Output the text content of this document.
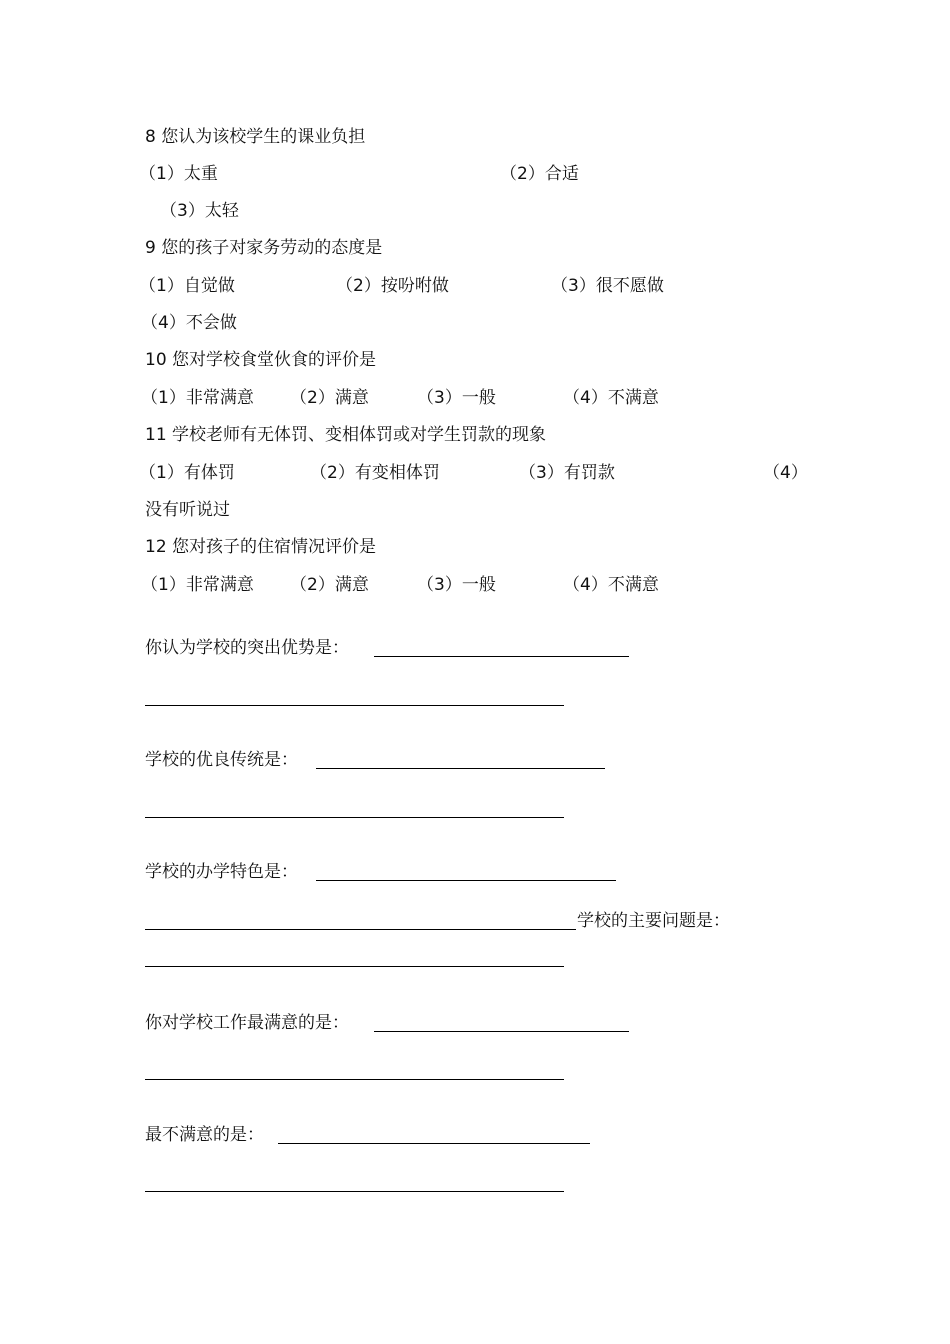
8 您认为该校学生的课业负担
（1）太重	（2）合适
（3）太轻
9 您的孩子对家务劳动的态度是
（1）自觉做	（2）按吩咐做	（3）很不愿做
（4）不会做
10 您对学校食堂伙食的评价是
（1）非常满意 （2）满意	（3）一般	（4）不满意
11 学校老师有无体罚、变相体罚或对学生罚款的现象
（1）有体罚	（2）有变相体罚	（3）有罚款	（4）
没有听说过
12 您对孩子的住宿情况评价是
（1）非常满意 （2）满意	（3）一般	（4）不满意
你认为学校的突出优势是：
学校的优良传统是：
学校的办学特色是：
学校的主要问题是：
你对学校工作最满意的是：
最不满意的是：
